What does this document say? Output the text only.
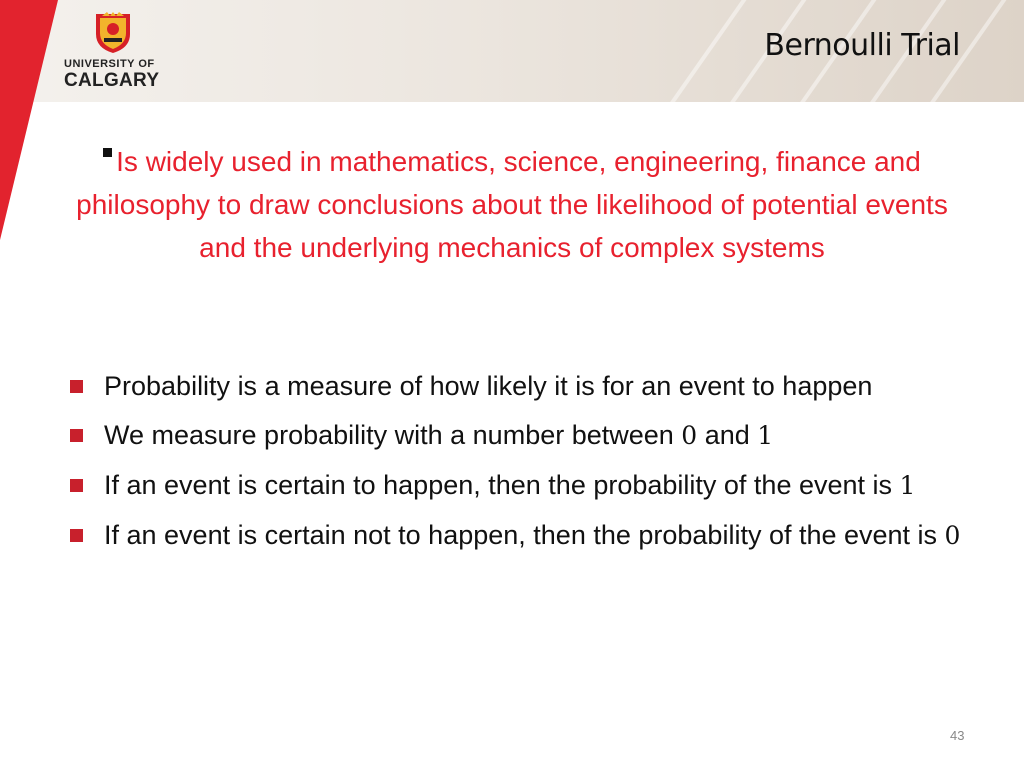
UNIVERSITY OF
CALGARY
Bernoulli Trial
Is widely used in mathematics, science, engineering, finance and philosophy to draw conclusions about the likelihood of potential events and the underlying mechanics of complex systems
Probability is a measure of how likely it is for an event to happen
We measure probability with a number between 0 and 1
If an event is certain to happen, then the probability of the event is 1
If an event is certain not to happen, then the probability of the event is 0
43
